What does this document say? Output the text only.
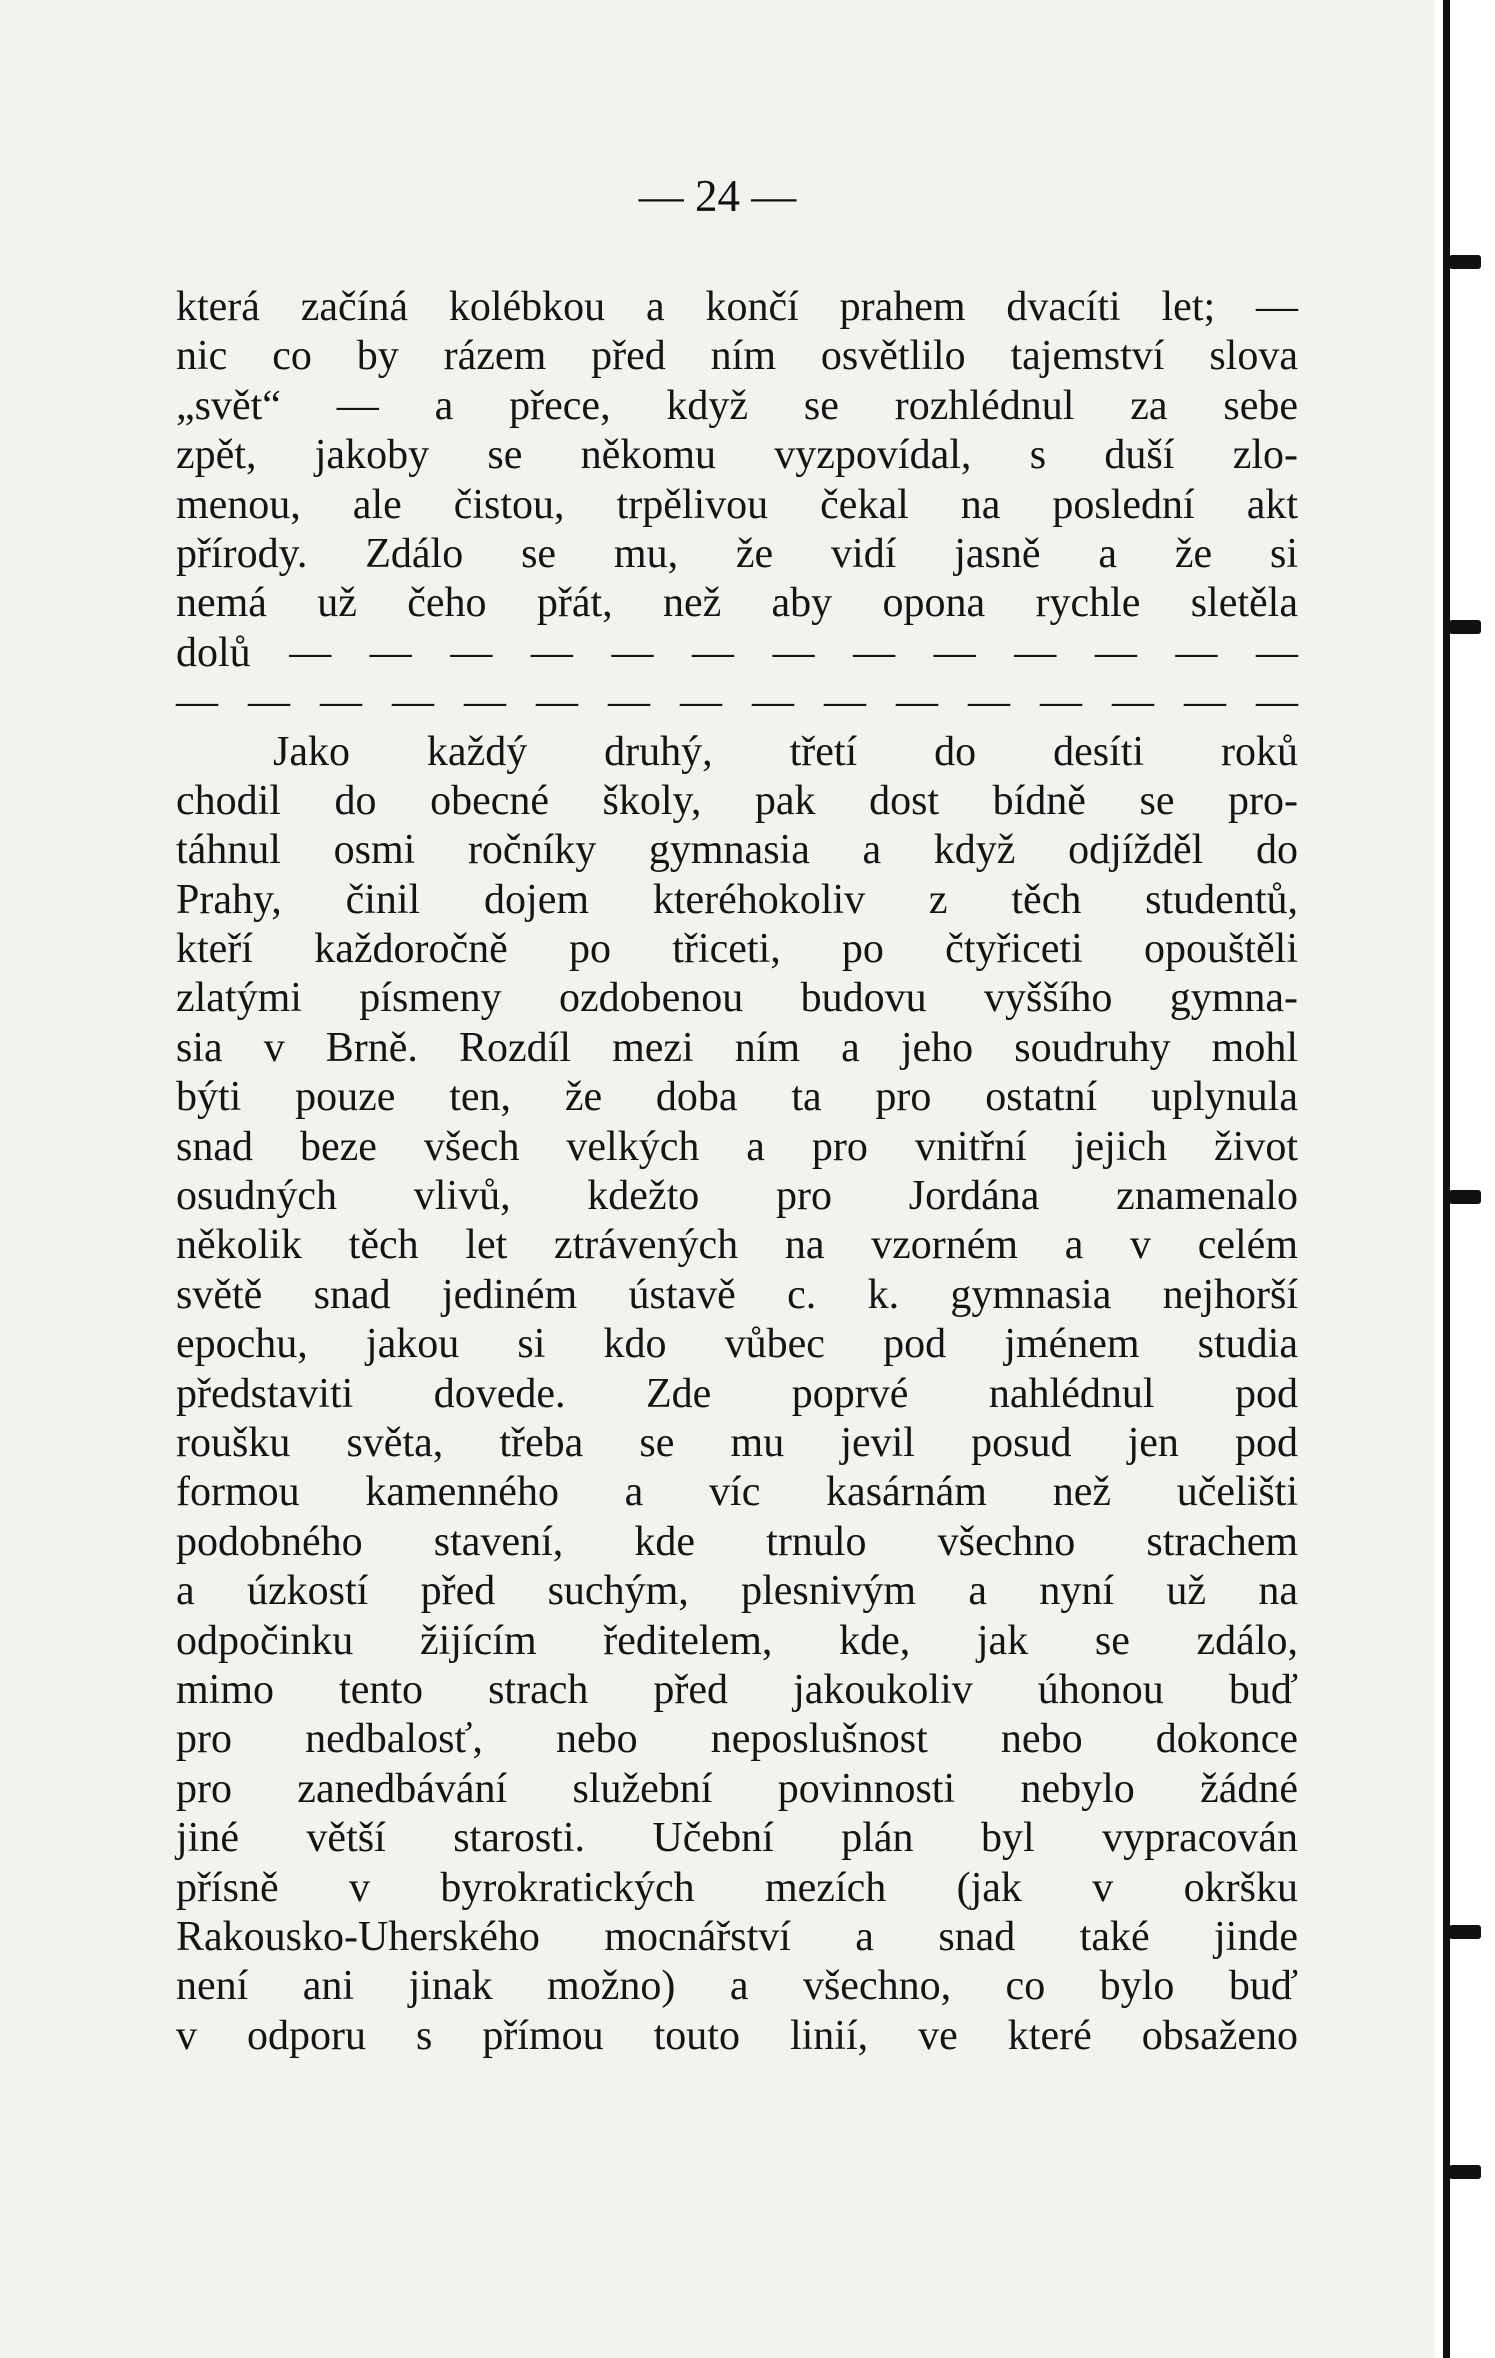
— 24 —

která začíná kolébkou a končí prahem dvacíti let; —
nic co by rázem před ním osvětlilo tajemství slova
„svět“ — a přece, když se rozhlédnul za sebe
zpět, jakoby se někomu vyzpovídal, s duší zlo-
menou, ale čistou, trpělivou čekal na poslední akt
přírody. Zdálo se mu, že vidí jasně a že si
nemá už čeho přát, než aby opona rychle sletěla
dolů — — — — — — — — — — — — —
— — — — — — — — — — — — — — — —
Jako každý druhý, třetí do desíti roků
chodil do obecné školy, pak dost bídně se pro-
táhnul osmi ročníky gymnasia a když odjížděl do
Prahy, činil dojem kteréhokoliv z těch studentů,
kteří každoročně po třiceti, po čtyřiceti opouštěli
zlatými písmeny ozdobenou budovu vyššího gymna-
sia v Brně. Rozdíl mezi ním a jeho soudruhy mohl
býti pouze ten, že doba ta pro ostatní uplynula
snad beze všech velkých a pro vnitřní jejich život
osudných vlivů, kdežto pro Jordána znamenalo
několik těch let ztrávených na vzorném a v celém
světě snad jediném ústavě c. k. gymnasia nejhorší
epochu, jakou si kdo vůbec pod jménem studia
představiti dovede. Zde poprvé nahlédnul pod
roušku světa, třeba se mu jevil posud jen pod
formou kamenného a víc kasárnám než učelišti
podobného stavení, kde trnulo všechno strachem
a úzkostí před suchým, plesnivým a nyní už na
odpočinku žijícím ředitelem, kde, jak se zdálo,
mimo tento strach před jakoukoliv úhonou buď
pro nedbalosť, nebo neposlušnost nebo dokonce
pro zanedbávání služební povinnosti nebylo žádné
jiné větší starosti. Učební plán byl vypracován
přísně v byrokratických mezích (jak v okršku
Rakousko-Uherského mocnářství a snad také jinde
není ani jinak možno) a všechno, co bylo buď
v odporu s přímou touto linií, ve které obsaženo
